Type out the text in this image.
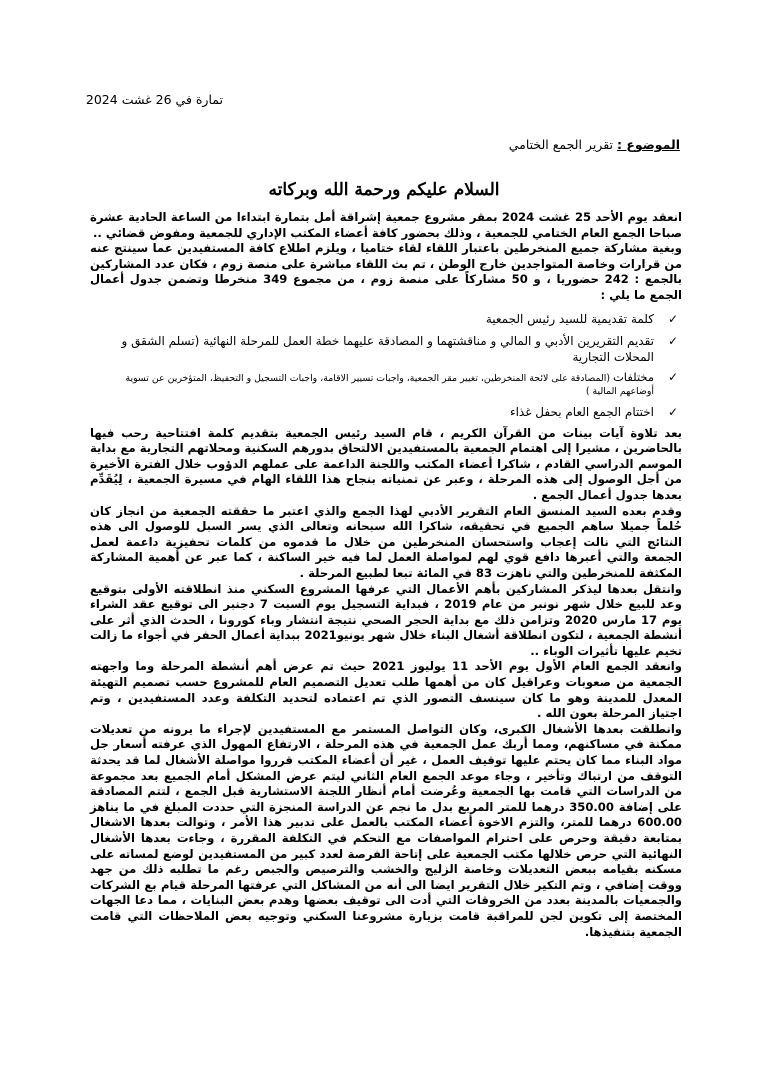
تمارة في 26 غشت 2024
الموضوع : تقرير الجمع الختامي
السلام عليكم ورحمة الله وبركاته

انعقد يوم الأحد 25 غشت 2024 بمقر مشروع جمعية إشراقة أمل بتمارة ابتداءا من الساعة الحادية عشرة صباحا الجمع العام الختامي للجمعية ، وذلك بحضور كافة أعضاء المكتب الإداري للجمعية ومفوض قضائي ..

وبغية مشاركة جميع المنخرطين باعتبار اللقاء لقاء ختاميا ، ويلزم اطلاع كافة المستفيدين عما سينتج عنه من قرارات وخاصة المتواجدين خارج الوطن ، تم بث اللقاء مباشرة على منصة زوم ، فكان عدد المشاركين بالجمع : 242 حضوريا ، و 50 مشاركاً على منصة زوم ، من مجموع 349 منخرطا وتضمن جدول أعمال الجمع ما يلي :

✓
كلمة تقديمية للسيد رئيس الجمعية
✓
تقديم التقريرين الأدبي و المالي و مناقشتهما و المصادقة عليهما خطة العمل للمرحلة النهائية (تسلم الشقق و المحلات التجارية
✓
مختلفات (المصادقة على لائحة المنخرطين، تغيير مقر الجمعية، واجبات تسيير الاقامة، واجبات التسجيل و التحفيظ، المتؤخرين عن تسوية أوضاعهم المالية )
✓
اختتام الجمع العام بحفل غذاء

بعد تلاوة آيات بينات من القرآن الكريم ، قام السيد رئيس الجمعية بتقديم كلمة افتتاحية رحب فيها بالحاضرين ، مشيرا إلى اهتمام الجمعية بالمستفيدين الالتحاق بدورهم السكنية ومحلاتهم التجارية مع بداية الموسم الدراسي القادم ، شاكرا أعضاء المكتب واللجنة الداعمة على عملهم الدؤوب خلال الفترة الأخيرة من أجل الوصول إلى هذه المرحلة ، وعبر عن تمنياته بنجاح هذا اللقاء الهام في مسيرة الجمعية ، لِيُقَدِّم بعدها جدول أعمال الجمع .

وقدم بعده السيد المنسق العام التقرير الأدبي لهذا الجمع والذي اعتبر ما حققته الجمعية من انجاز كان حُلماً جميلا ساهم الجميع في تحقيقه، شاكرا الله سبحانه وتعالى الذي يسر السبل للوصول الى هذه النتائج التي نالت إعجاب واستحسان المنخرطين من خلال ما قدموه من كلمات تحفيزية داعمة لعمل الجمعة والتي أعبرها دافع قوي لهم لمواصلة العمل لما فيه خير الساكنة ، كما عبر عن أهمية المشاركة المكثفة للمنخرطين والتي ناهزت 83 في المائة تبعا لطبيع المرحلة .

وانتقل بعدها ليذكر المشاركين بأهم الأعمال التي عرفها المشروع السكني منذ انطلاقته الأولى بتوقيع وعد للبيع خلال شهر نونبر من عام 2019 ، فبداية التسجيل يوم السبت 7 دجنبر الى توقيع عقد الشراء يوم 17 مارس 2020 وتزامن ذلك مع بداية الحجر الصحي نتيجة انتشار وباء كورونا ، الحدث الذي أثر على أنشطة الجمعية ، لتكون انطلاقة أشغال البناء خلال شهر يونيو2021 ببداية أعمال الحفر في أجواء ما زالت تخيم عليها تأثيرات الوباء ..

وانعقد الجمع العام الأول يوم الأحد 11 يوليوز 2021 حيث تم عرض أهم أنشطة المرحلة وما واجهته الجمعية من صعوبات وعراقيل كان من أهمها طلب تعديل التصميم العام للمشروع حسب تصميم التهيئة المعدل للمدينة وهو ما كان سينسف التصور الذي تم اعتماده لتحديد التكلفة وعدد المستفيدين ، وتم اجتياز المرحلة بعون الله .

وانطلقت بعدها الأشغال الكبرى، وكان التواصل المستمر مع المستفيدين لإجراء ما يرونه من تعديلات ممكنة في مساكنهم، ومما أربك عمل الجمعية في هذه المرحلة ، الارتفاع المهول الذي عرفته أسعار جل مواد البناء مما كان يحتم عليها توقيف العمل ، غير أن أعضاء المكتب قرروا مواصلة الأشغال لما قد يحدثة التوقف من ارتباك وتأخير ، وجاء موعد الجمع العام الثاني ليتم عرض المشكل أمام الجميع بعد مجموعة من الدراسات التي قامت بها الجمعية وعُرضت أمام أنظار اللجنة الاستشارية قبل الجمع ، لتتم المصادقة على إضافة 350.00 درهما للمتر المربع بدل ما نجم عن الدراسة المنجزة التي حددت المبلغ في ما يناهز 600.00 درهما للمتر، والتزم الاخوة أعضاء المكتب بالعمل على تدبير هذا الأمر ، وتوالت بعدها الاشغال بمتابعة دقيقة وحرص على احترام المواصفات مع التحكم في التكلفة المقررة ، وجاءت بعدها الأشغال النهائية التي حرص خلالها مكتب الجمعية على إتاحة الفرصة لعدد كبير من المستفيدين لوضع لمساته على مسكنه بقيامه ببعض التعديلات وخاصة الزليج والخشب والترصيص والجبص رغم ما تطلبه ذلك من جهد ووقت إضافي ، وتم التكير خلال التقرير ايضا الى أنه من المشاكل التي عرفتها المرحلة قيام بع الشركات والجمعيات بالمدينة بعدد من الخروقات التي أدت الى توقيف بعضها وهدم بعض البنايات ، مما دعا الجهات المختصة إلى تكوين لجن للمراقبة قامت بزيارة مشروعنا السكني وتوجيه بعض الملاحظات التي قامت الجمعية بتنفيذها.
